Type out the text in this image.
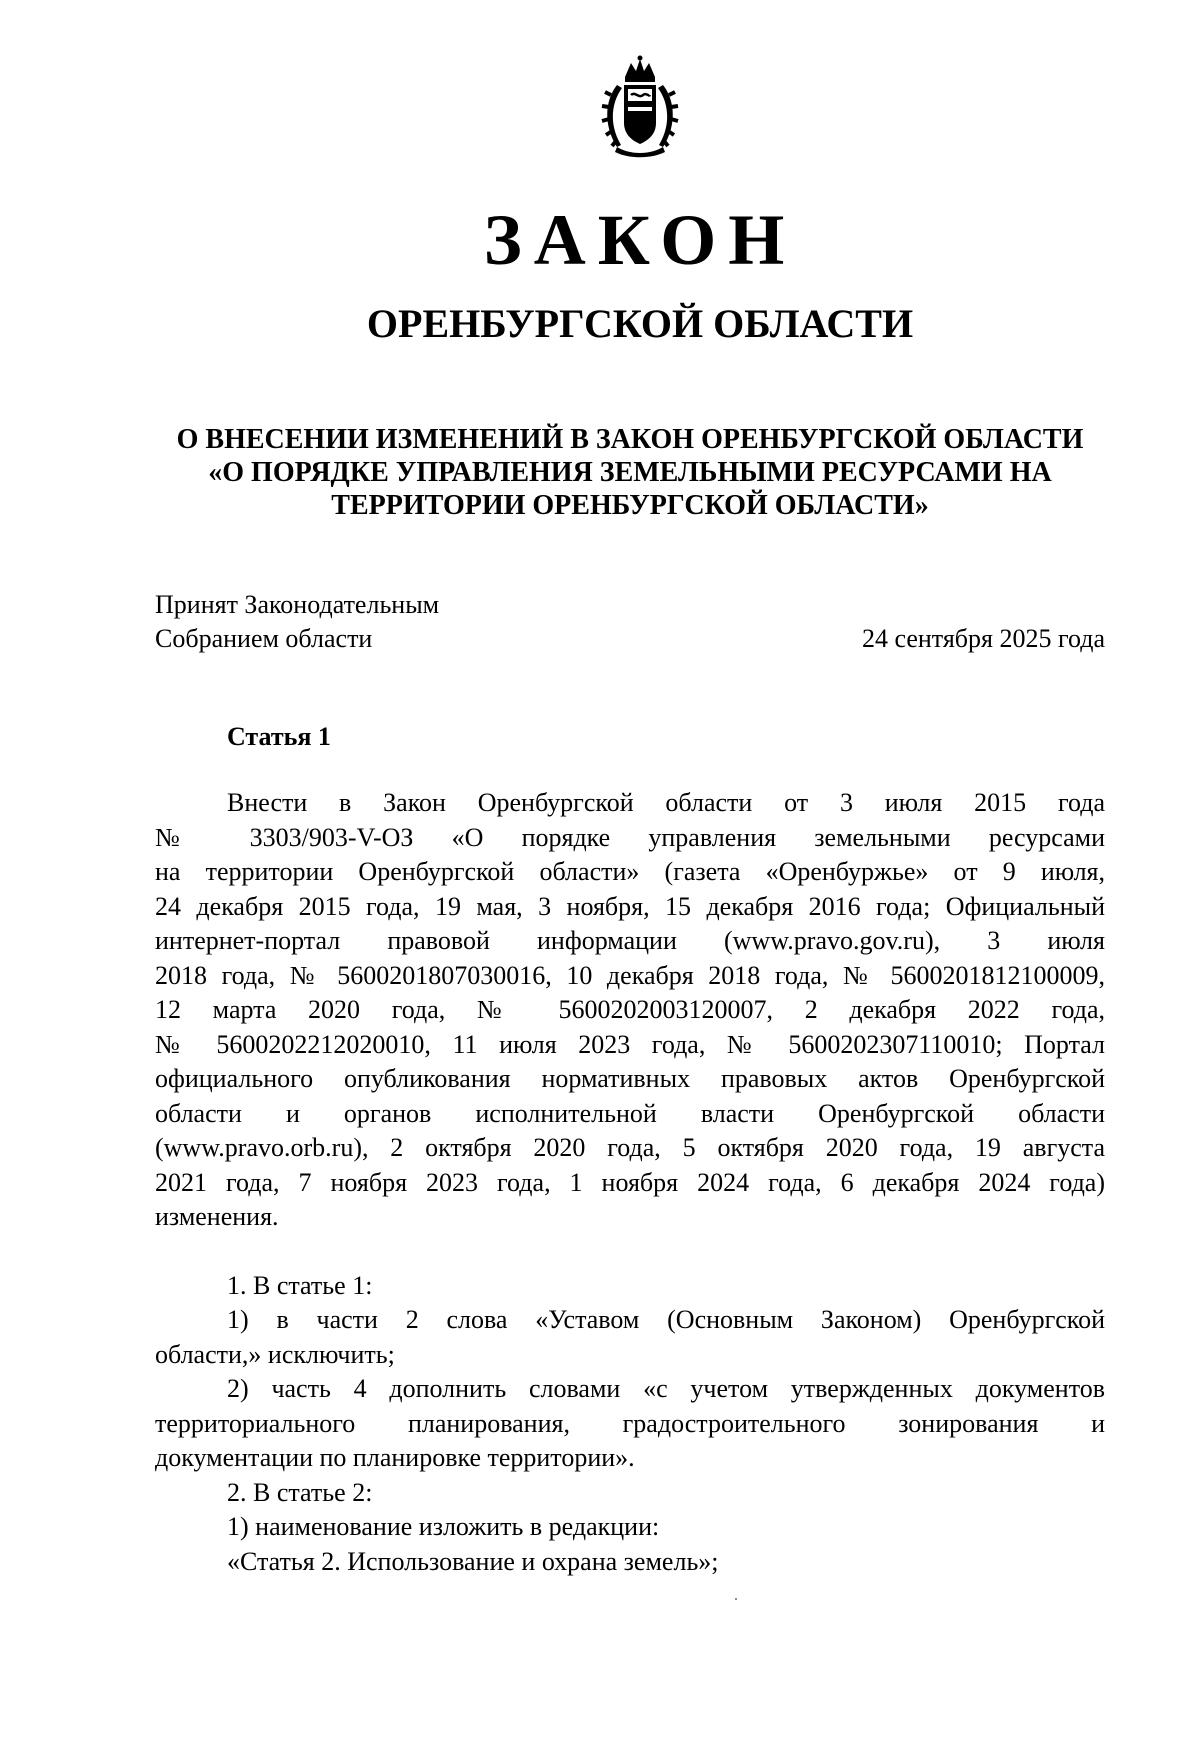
ЗАКОН
ОРЕНБУРГСКОЙ ОБЛАСТИ
О ВНЕСЕНИИ ИЗМЕНЕНИЙ В ЗАКОН ОРЕНБУРГСКОЙ ОБЛАСТИ
«О ПОРЯДКЕ УПРАВЛЕНИЯ ЗЕМЕЛЬНЫМИ РЕСУРСАМИ НА
ТЕРРИТОРИИ ОРЕНБУРГСКОЙ ОБЛАСТИ»
Принят Законодательным
Собранием области	24 сентября 2025 года
Статья 1
Внести в Закон Оренбургской области от 3 июля 2015 года
№ 3303/903-V-ОЗ «О порядке управления земельными ресурсами
на территории Оренбургской области» (газета «Оренбуржье» от 9 июля,
24 декабря 2015 года, 19 мая, 3 ноября, 15 декабря 2016 года; Официальный
интернет-портал правовой информации (www.pravo.gov.ru), 3 июля
2018 года, № 5600201807030016, 10 декабря 2018 года, № 5600201812100009,
12 марта 2020 года, № 5600202003120007, 2 декабря 2022 года,
№ 5600202212020010, 11 июля 2023 года, № 5600202307110010; Портал
официального опубликования нормативных правовых актов Оренбургской
области и органов исполнительной власти Оренбургской области
(www.pravo.orb.ru), 2 октября 2020 года, 5 октября 2020 года, 19 августа
2021 года, 7 ноября 2023 года, 1 ноября 2024 года, 6 декабря 2024 года)
изменения.
1. В статье 1:
1) в части 2 слова «Уставом (Основным Законом) Оренбургской
области,» исключить;
2) часть 4 дополнить словами «с учетом утвержденных документов
территориального планирования, градостроительного зонирования и
документации по планировке территории».
2. В статье 2:
1) наименование изложить в редакции:
«Статья 2. Использование и охрана земель»;
